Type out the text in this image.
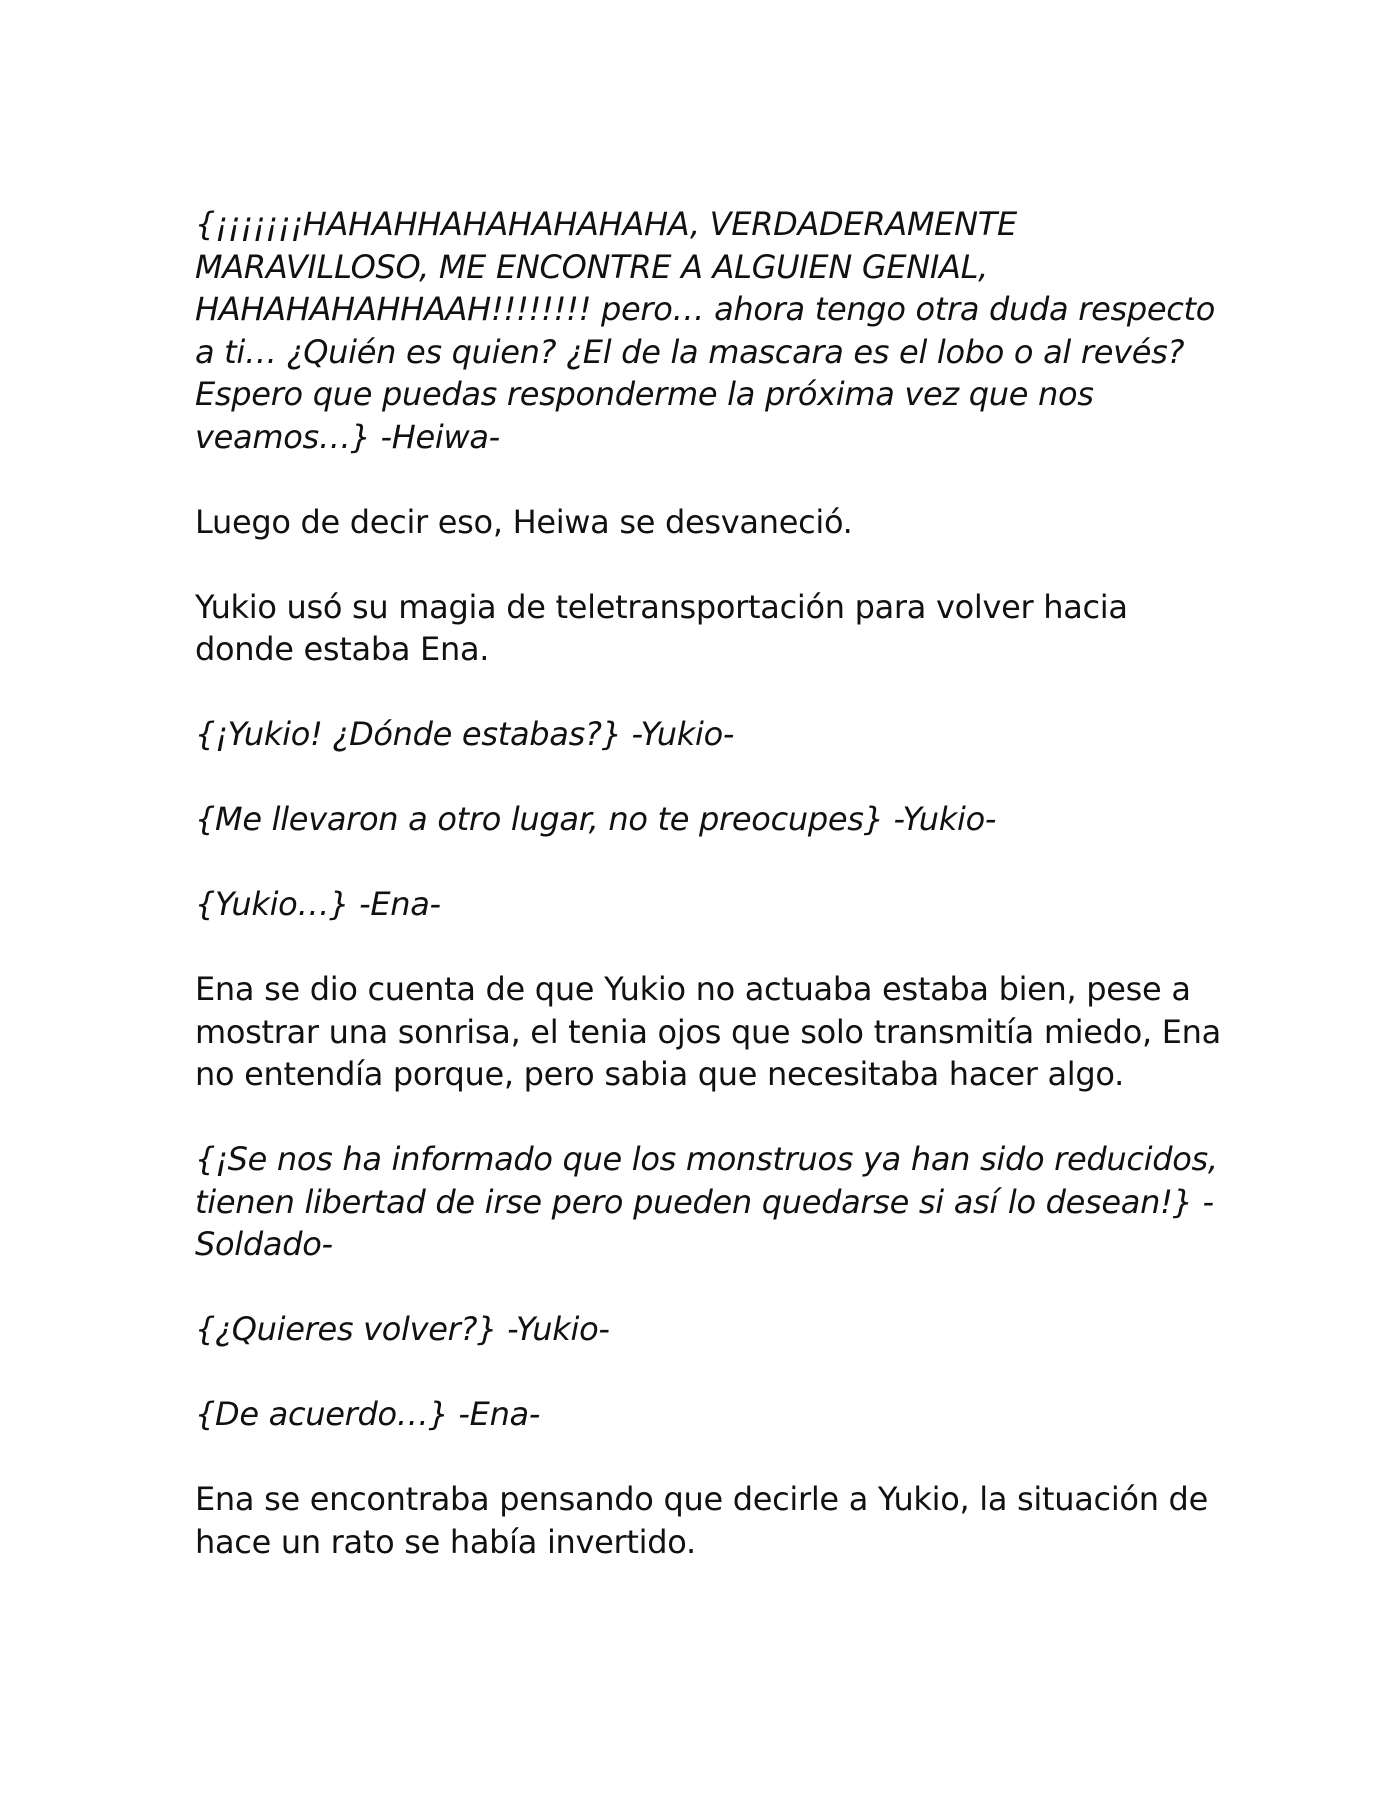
{¡¡¡¡¡¡¡HAHAHHAHAHAHAHAHA, VERDADERAMENTE MARAVILLOSO, ME ENCONTRE A ALGUIEN GENIAL, HAHAHAHAHHAAH!!!!!!!! pero… ahora tengo otra duda respecto a ti… ¿Quién es quien? ¿El de la mascara es el lobo o al revés? Espero que puedas responderme la próxima vez que nos veamos…} -Heiwa-

Luego de decir eso, Heiwa se desvaneció.

Yukio usó su magia de teletransportación para volver hacia donde estaba Ena.

{¡Yukio! ¿Dónde estabas?} -Yukio-

{Me llevaron a otro lugar, no te preocupes} -Yukio-

{Yukio…} -Ena-

Ena se dio cuenta de que Yukio no actuaba estaba bien, pese a mostrar una sonrisa, el tenia ojos que solo transmitía miedo, Ena no entendía porque, pero sabia que necesitaba hacer algo.

{¡Se nos ha informado que los monstruos ya han sido reducidos, tienen libertad de irse pero pueden quedarse si así lo desean!} -Soldado-

{¿Quieres volver?} -Yukio-

{De acuerdo…} -Ena-

Ena se encontraba pensando que decirle a Yukio, la situación de hace un rato se había invertido.
